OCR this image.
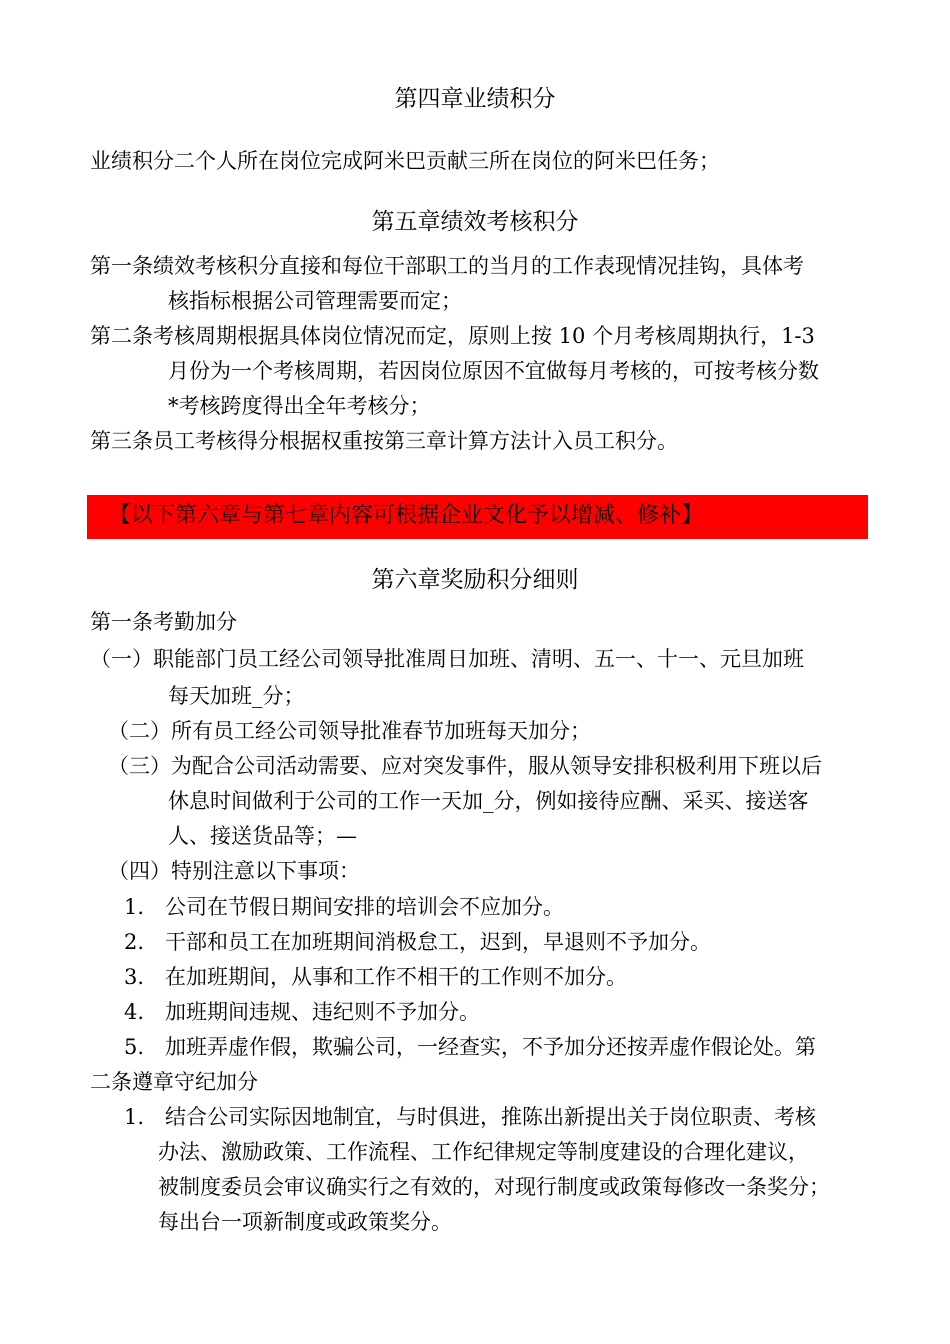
第四章业绩积分
业绩积分二个人所在岗位完成阿米巴贡献三所在岗位的阿米巴任务；
第五章绩效考核积分
第一条绩效考核积分直接和每位干部职工的当月的工作表现情况挂钩，具体考
核指标根据公司管理需要而定；
第二条考核周期根据具体岗位情况而定，原则上按 10 个月考核周期执行，1-3
月份为一个考核周期，若因岗位原因不宜做每月考核的，可按考核分数
*考核跨度得出全年考核分；
第三条员工考核得分根据权重按第三章计算方法计入员工积分。
【以下第六章与第七章内容可根据企业文化予以增减、修补】
第六章奖励积分细则
第一条考勤加分
（一）职能部门员工经公司领导批准周日加班、清明、五一、十一、元旦加班
每天加班_分；
（二）所有员工经公司领导批准春节加班每天加分；
（三）为配合公司活动需要、应对突发事件，服从领导安排积极利用下班以后
休息时间做利于公司的工作一天加_分，例如接待应酬、采买、接送客
人、接送货品等；—
（四）特别注意以下事项：
1.　公司在节假日期间安排的培训会不应加分。
2.　干部和员工在加班期间消极怠工，迟到，早退则不予加分。
3.　在加班期间，从事和工作不相干的工作则不加分。
4.　加班期间违规、违纪则不予加分。
5.　加班弄虚作假，欺骗公司，一经查实，不予加分还按弄虚作假论处。第
二条遵章守纪加分
1.　结合公司实际因地制宜，与时俱进，推陈出新提出关于岗位职责、考核
办法、激励政策、工作流程、工作纪律规定等制度建设的合理化建议，
被制度委员会审议确实行之有效的，对现行制度或政策每修改一条奖分；
每出台一项新制度或政策奖分。
